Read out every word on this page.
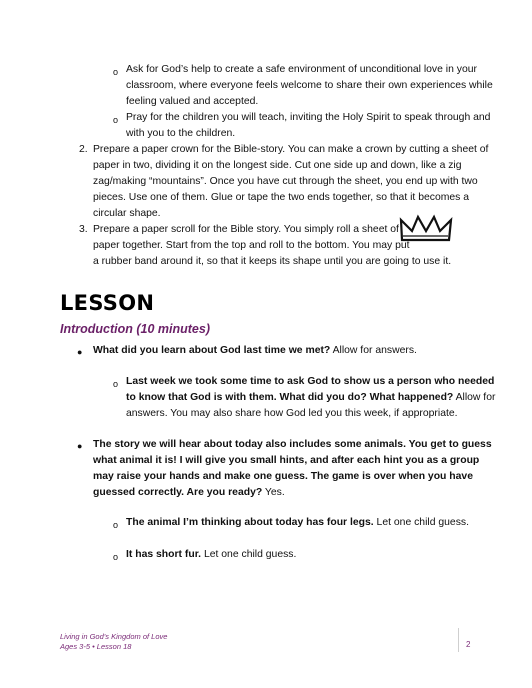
o Ask for God’s help to create a safe environment of unconditional love in your
classroom, where everyone feels welcome to share their own experiences while
feeling valued and accepted.
o Pray for the children you will teach, inviting the Holy Spirit to speak through and
with you to the children.
2. Prepare a paper crown for the Bible-story. You can make a crown by cutting a sheet of
paper in two, dividing it on the longest side. Cut one side up and down, like a zig
zag/making “mountains”. Once you have cut through the sheet, you end up with two
pieces. Use one of them. Glue or tape the two ends together, so that it becomes a
circular shape.
3. Prepare a paper scroll for the Bible story. You simply roll a sheet of
paper together. Start from the top and roll to the bottom. You may put
a rubber band around it, so that it keeps its shape until you are going to use it.
LESSON
Introduction (10 minutes)
● What did you learn about God last time we met? Allow for answers.
o Last week we took some time to ask God to show us a person who needed
to know that God is with them. What did you do? What happened? Allow for
answers. You may also share how God led you this week, if appropriate.
● The story we will hear about today also includes some animals. You get to guess
what animal it is! I will give you small hints, and after each hint you as a group
may raise your hands and make one guess. The game is over when you have
guessed correctly. Are you ready? Yes.
o The animal I’m thinking about today has four legs. Let one child guess.
o It has short fur. Let one child guess.
Living in God’s Kingdom of Love
Ages 3-5 • Lesson 18	2
